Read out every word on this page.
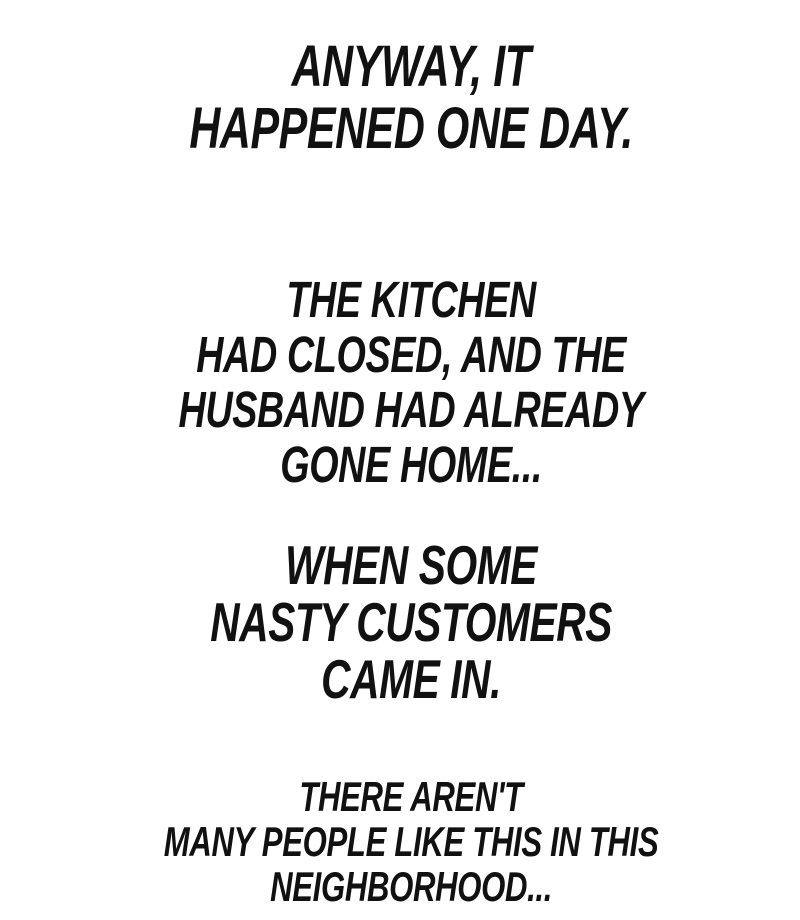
ANYWAY, IT
HAPPENED ONE DAY.
THE KITCHEN
HAD CLOSED, AND THE
HUSBAND HAD ALREADY
GONE HOME...
WHEN SOME
NASTY CUSTOMERS
CAME IN.
THERE AREN'T
MANY PEOPLE LIKE THIS IN THIS
NEIGHBORHOOD...
